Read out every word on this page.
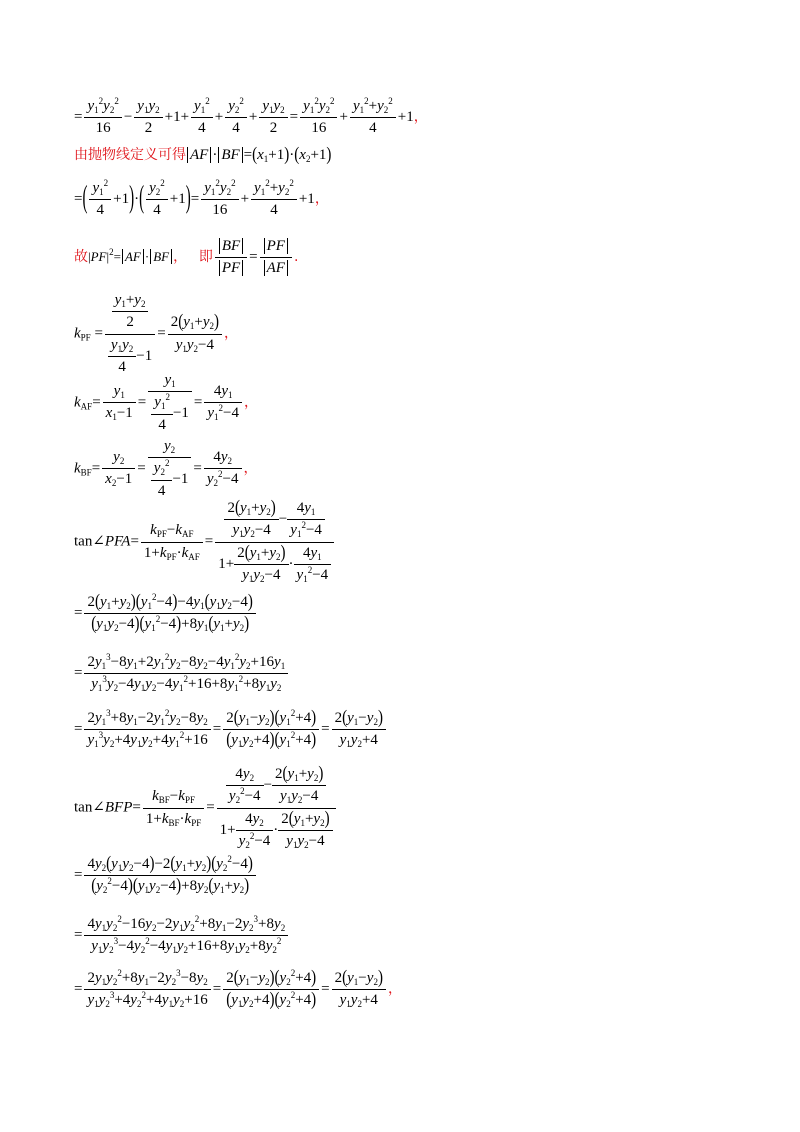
= $\frac{y_1^2y_2^2}{16} - \frac{y_1y_2}{2} +1+ \frac{y_1^2}{4} + \frac{y_2^2}{4} + \frac{y_1y_2}{2} = \frac{y_1^2y_2^2}{16} + \frac{y_1^2+y_2^2}{4} +1$，
由抛物线定义可得 AF · BF $=(x_1+1)\cdot(x_2+1)$
=( $\frac{y_1^2}{4} +1)\cdot( \frac{y_2^2}{4} +1)= \frac{y_1^2y_2^2}{16} + \frac{y_1^2+y_2^2}{4} +1$，
故$|PF|^2=$ AF · BF ， 即 $\frac{BF}{PF} = \frac{PF}{AF}$ .
$k_{PF} = \frac{\frac{y_1+y_2}{2}}{\frac{y_1y_2}{4} -1} = \frac{2(y_1+y_2)}{y_1y_2-4}$ ，
$k_{AF}= \frac{y_1}{x_1-1} = \frac{y_1}{\frac{y_1^2}{4} -1} = \frac{4y_1}{y_1^2-4}$ ，
$k_{BF}= \frac{y_2}{x_2-1} = \frac{y_2}{\frac{y_2^2}{4} -1} = \frac{4y_2}{y_2^2-4}$ ，
tan∠PFA= $\frac{k_{PF}-k_{AF}}{1+k_{PF}\cdot k_{AF}} = \frac{\frac{2(y_1+y_2)}{y_1y_2-4} - \frac{4y_1}{y_1^2-4}}{1+ \frac{2(y_1+y_2)}{y_1y_2-4} \cdot \frac{4y_1}{y_1^2-4}}$
= $\frac{2(y_1+y_2)(y_1^2-4)-4y_1(y_1y_2-4)}{(y_1y_2-4)(y_1^2-4)+8y_1(y_1+y_2)}$
= $\frac{2y_1^3-8y_1+2y_1^2y_2-8y_2-4y_1^2y_2+16y_1}{y_1^3y_2-4y_1y_2-4y_1^2+16+8y_1^2+8y_1y_2}$
= $\frac{2y_1^3+8y_1-2y_1^2y_2-8y_2}{y_1^3y_2+4y_1y_2+4y_1^2+16} = \frac{2(y_1-y_2)(y_1^2+4)}{(y_1y_2+4)(y_1^2+4)} = \frac{2(y_1-y_2)}{y_1y_2+4}$
tan∠BFP= $\frac{k_{BF}-k_{PF}}{1+k_{BF}\cdot k_{PF}} = \frac{\frac{4y_2}{y_2^2-4} - \frac{2(y_1+y_2)}{y_1y_2-4}}{1+ \frac{4y_2}{y_2^2-4} \cdot \frac{2(y_1+y_2)}{y_1y_2-4}}$
= $\frac{4y_2(y_1y_2-4)-2(y_1+y_2)(y_2^2-4)}{(y_2^2-4)(y_1y_2-4)+8y_2(y_1+y_2)}$
= $\frac{4y_1y_2^2-16y_2-2y_1y_2^2+8y_1-2y_2^3+8y_2}{y_1y_2^3-4y_2^2-4y_1y_2+16+8y_1y_2+8y_2^2}$
= $\frac{2y_1y_2^2+8y_1-2y_2^3-8y_2}{y_1y_2^3+4y_2^2+4y_1y_2+16} = \frac{2(y_1-y_2)(y_2^2+4)}{(y_1y_2+4)(y_2^2+4)} = \frac{2(y_1-y_2)}{y_1y_2+4}$ ，
